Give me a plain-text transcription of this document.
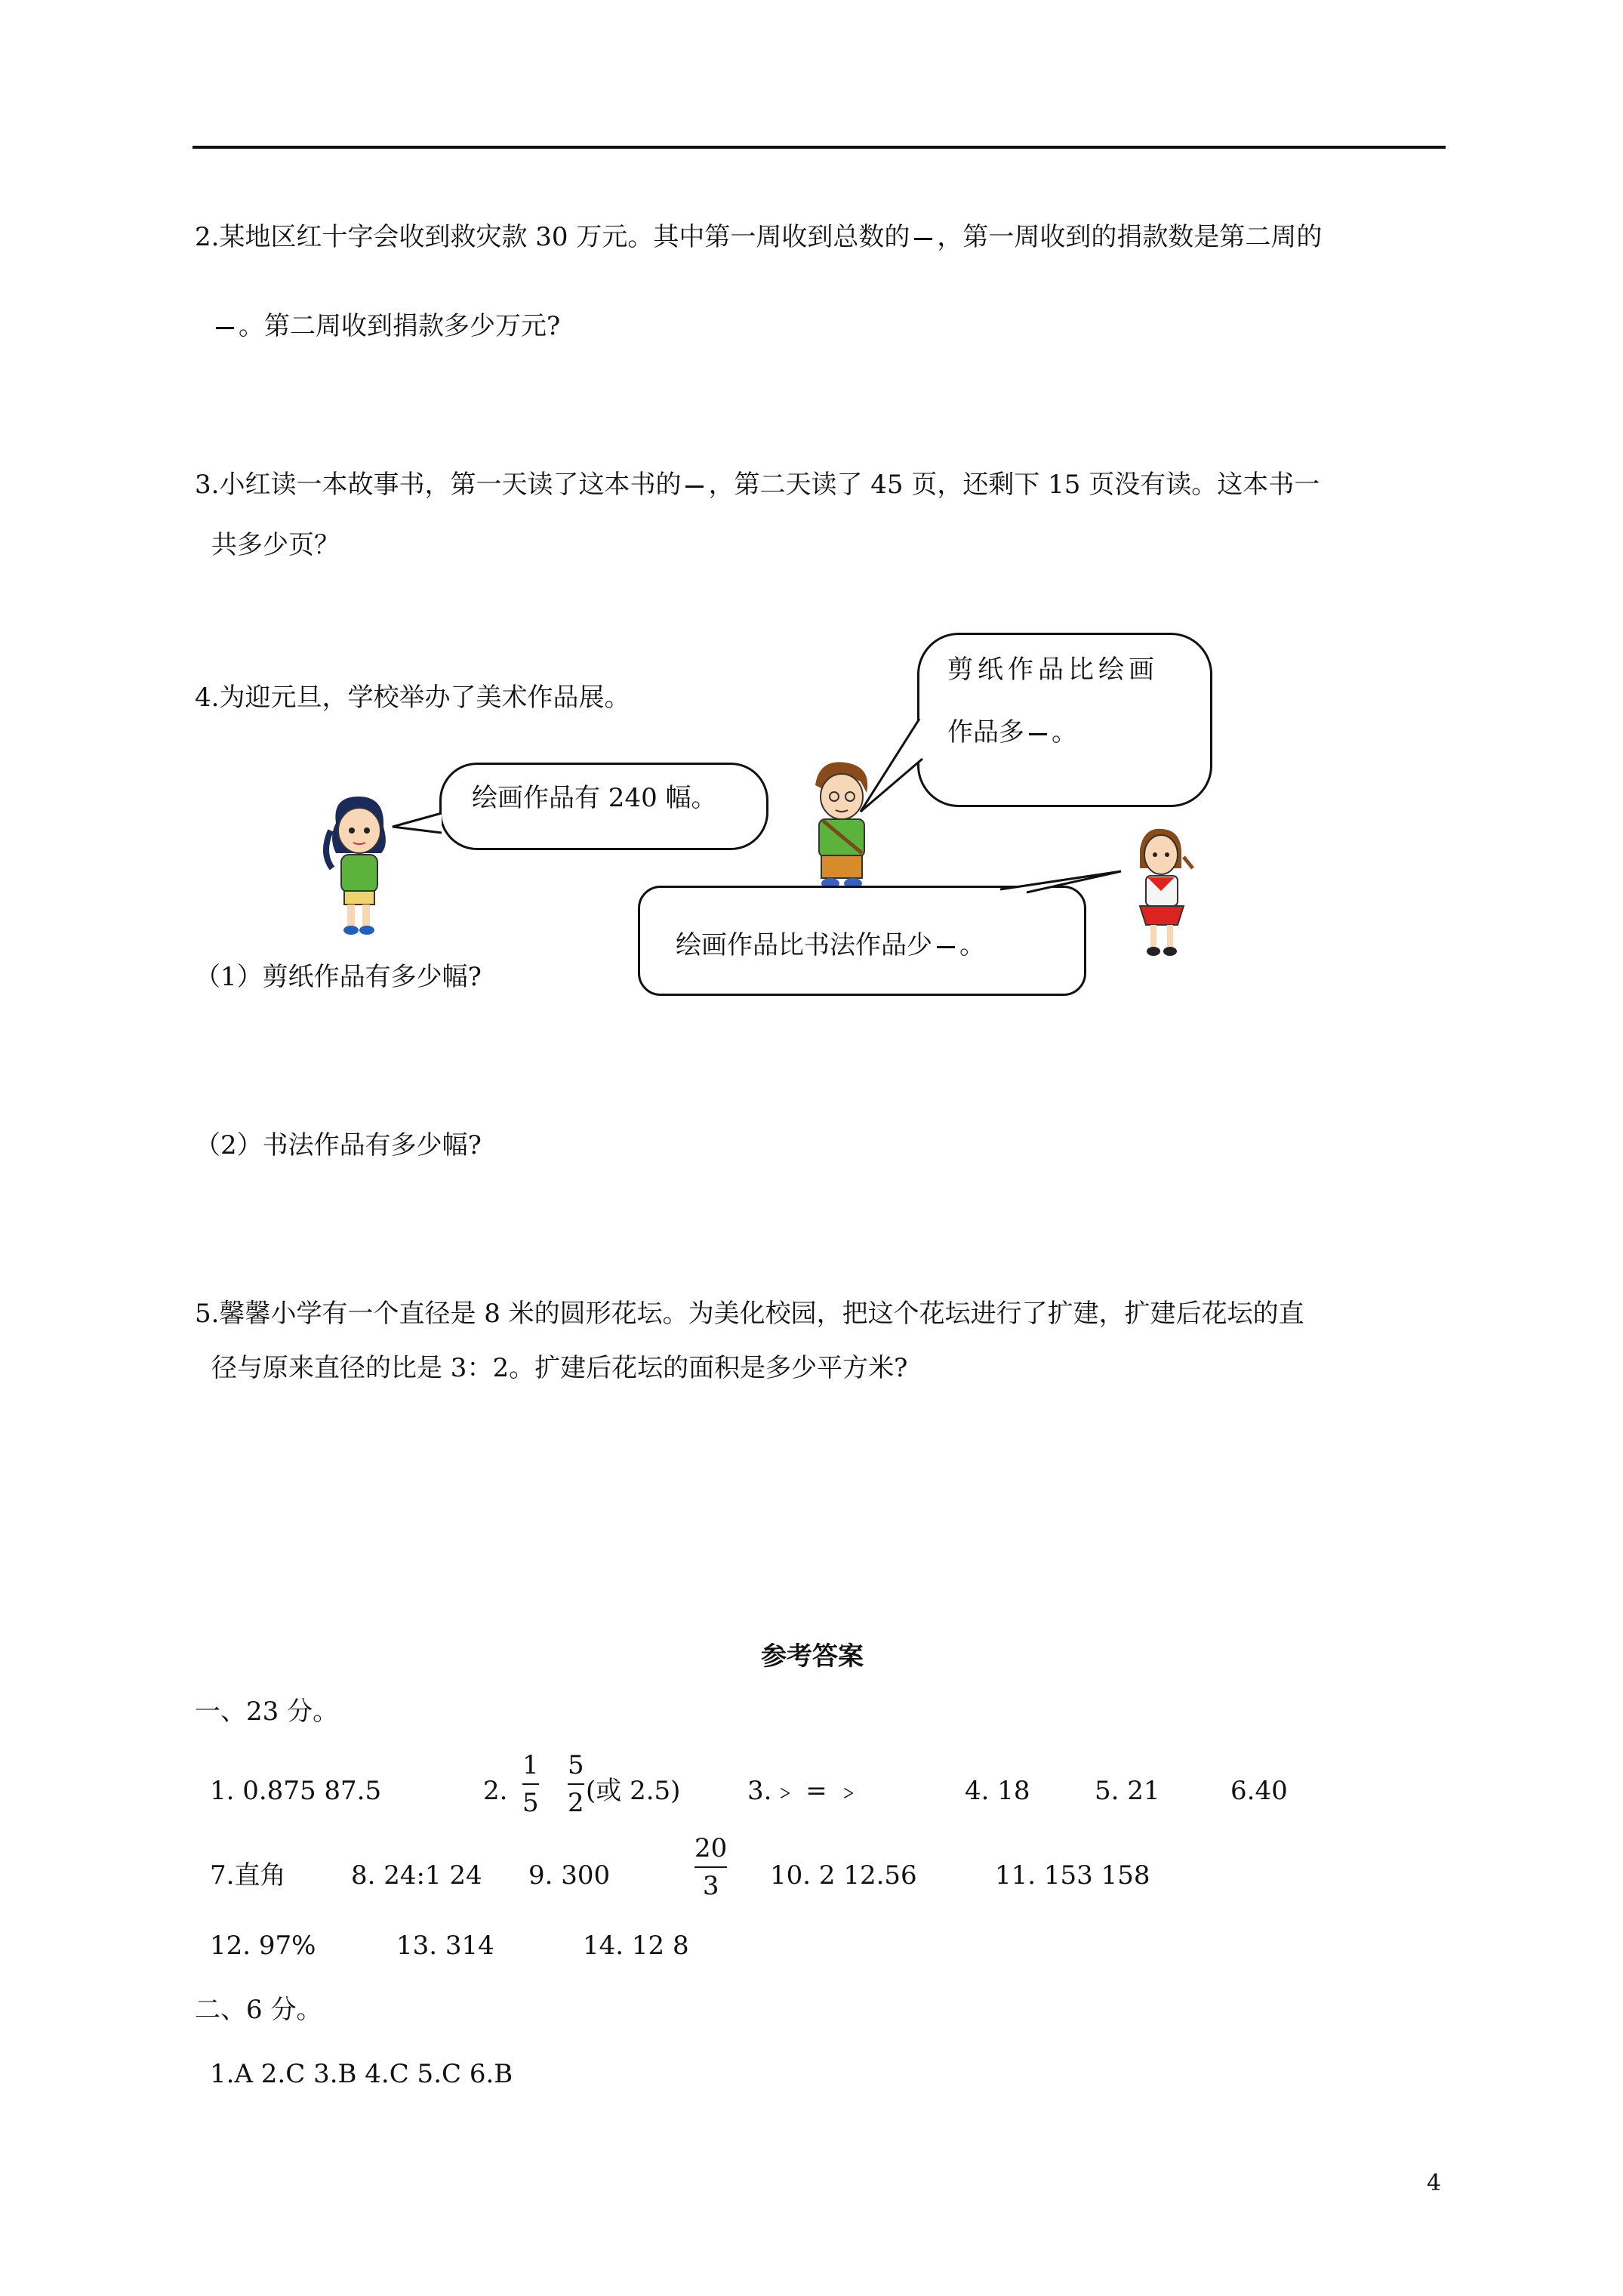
2.某地区红十字会收到救灾款 30 万元。其中第一周收到总数的 ，第一周收到的捐款数是第二周的
。第二周收到捐款多少万元?
3.小红读一本故事书，第一天读了这本书的 ，第二天读了 45 页，还剩下 15 页没有读。这本书一
共多少页？
4.为迎元旦，学校举办了美术作品展。
绘画作品有 240 幅。
剪纸作品比绘画
作品多 。
绘画作品比书法作品少 。
（1）剪纸作品有多少幅?
（2）书法作品有多少幅?
5.馨馨小学有一个直径是 8 米的圆形花坛。为美化校园，把这个花坛进行了扩建，扩建后花坛的直
径与原来直径的比是 3：2。扩建后花坛的面积是多少平方米?
参考答案
一、23 分。
1. 0.875 87.5	2.
1
5
5
2 (或 2.5)	3.﹥ = ﹥	4. 18	5. 21	6.40
7.直角	8. 24:1 24 9. 300
20
3 10. 2 12.56	11. 153 158
12. 97%	13. 314	14. 12 8
二、6 分。
1.A 2.C 3.B 4.C 5.C 6.B
4
